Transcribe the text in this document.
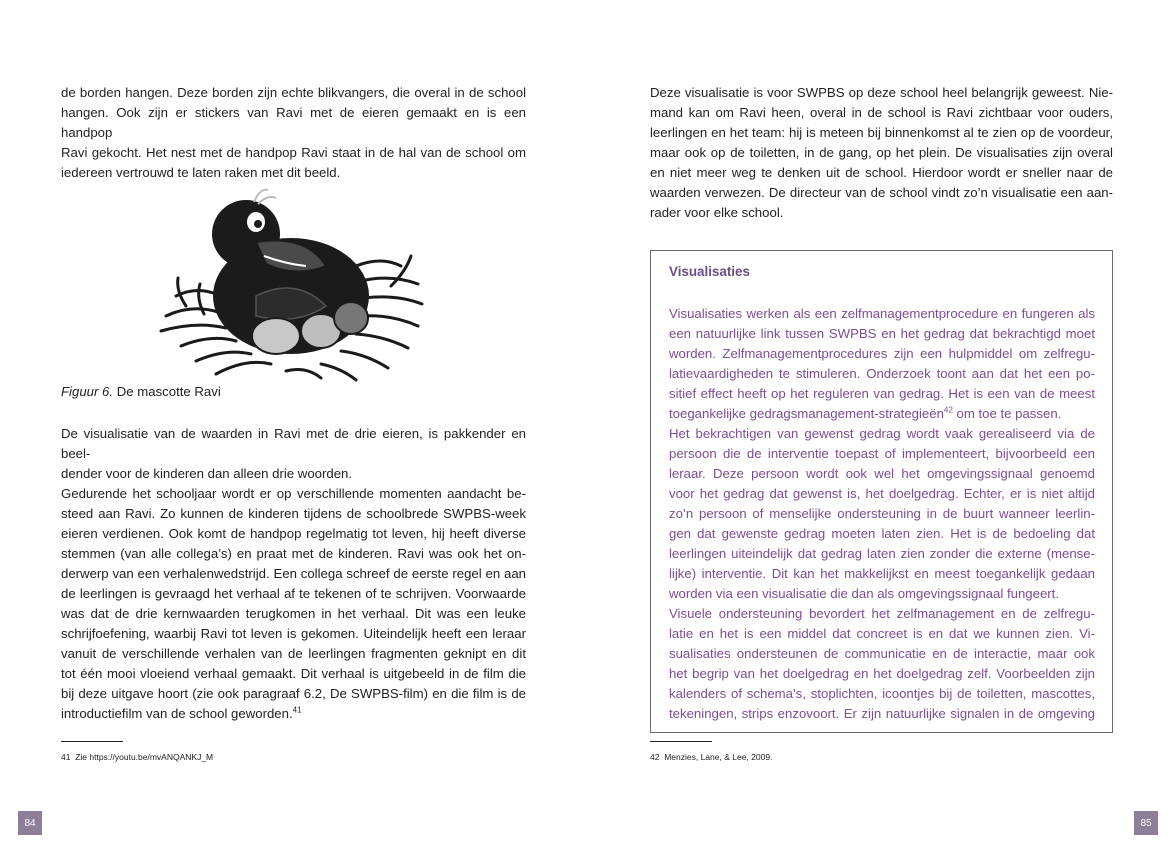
de borden hangen. Deze borden zijn echte blikvangers, die overal in de school
hangen. Ook zijn er stickers van Ravi met de eieren gemaakt en is een handpop
Ravi gekocht. Het nest met de handpop Ravi staat in de hal van de school om
iedereen vertrouwd te laten raken met dit beeld.
Figuur 6. De mascotte Ravi
De visualisatie van de waarden in Ravi met de drie eieren, is pakkender en beel-
dender voor de kinderen dan alleen drie woorden.
Gedurende het schooljaar wordt er op verschillende momenten aandacht be-
steed aan Ravi. Zo kunnen de kinderen tijdens de schoolbrede SWPBS-week
eieren verdienen. Ook komt de handpop regelmatig tot leven, hij heeft diverse
stemmen (van alle collega’s) en praat met de kinderen. Ravi was ook het on-
derwerp van een verhalenwedstrijd. Een collega schreef de eerste regel en aan
de leerlingen is gevraagd het verhaal af te tekenen of te schrijven. Voorwaarde
was dat de drie kernwaarden terugkomen in het verhaal. Dit was een leuke
schrijfoefening, waarbij Ravi tot leven is gekomen. Uiteindelijk heeft een leraar
vanuit de verschillende verhalen van de leerlingen fragmenten geknipt en dit
tot één mooi vloeiend verhaal gemaakt. Dit verhaal is uitgebeeld in de film die
bij deze uitgave hoort (zie ook paragraaf 6.2, De SWPBS-film) en die film is de
introductiefilm van de school geworden.$^{41}$
41 Zie https://youtu.be/mvANQANKJ_M
84
Deze visualisatie is voor SWPBS op deze school heel belangrijk geweest. Nie-
mand kan om Ravi heen, overal in de school is Ravi zichtbaar voor ouders,
leerlingen en het team: hij is meteen bij binnenkomst al te zien op de voordeur,
maar ook op de toiletten, in de gang, op het plein. De visualisaties zijn overal
en niet meer weg te denken uit de school. Hierdoor wordt er sneller naar de
waarden verwezen. De directeur van de school vindt zo’n visualisatie een aan-
rader voor elke school.
Visualisaties
Visualisaties werken als een zelfmanagementprocedure en fungeren als
een natuurlijke link tussen SWPBS en het gedrag dat bekrachtigd moet
worden. Zelfmanagementprocedures zijn een hulpmiddel om zelfregu-
latievaardigheden te stimuleren. Onderzoek toont aan dat het een po-
sitief effect heeft op het reguleren van gedrag. Het is een van de meest
toegankelijke gedragsmanagement-strategieën$^{42}$ om toe te passen.
Het bekrachtigen van gewenst gedrag wordt vaak gerealiseerd via de
persoon die de interventie toepast of implementeert, bijvoorbeeld een
leraar. Deze persoon wordt ook wel het omgevingssignaal genoemd
voor het gedrag dat gewenst is, het doelgedrag. Echter, er is niet altijd
zo’n persoon of menselijke ondersteuning in de buurt wanneer leerlin-
gen dat gewenste gedrag moeten laten zien. Het is de bedoeling dat
leerlingen uiteindelijk dat gedrag laten zien zonder die externe (mense-
lijke) interventie. Dit kan het makkelijkst en meest toegankelijk gedaan
worden via een visualisatie die dan als omgevingssignaal fungeert.
Visuele ondersteuning bevordert het zelfmanagement en de zelfregu-
latie en het is een middel dat concreet is en dat we kunnen zien. Vi-
sualisaties ondersteunen de communicatie en de interactie, maar ook
het begrip van het doelgedrag en het doelgedrag zelf. Voorbeelden zijn
kalenders of schema’s, stoplichten, icoontjes bij de toiletten, mascottes,
tekeningen, strips enzovoort. Er zijn natuurlijke signalen in de omgeving
42 Menzies, Lane, & Lee, 2009.
85
